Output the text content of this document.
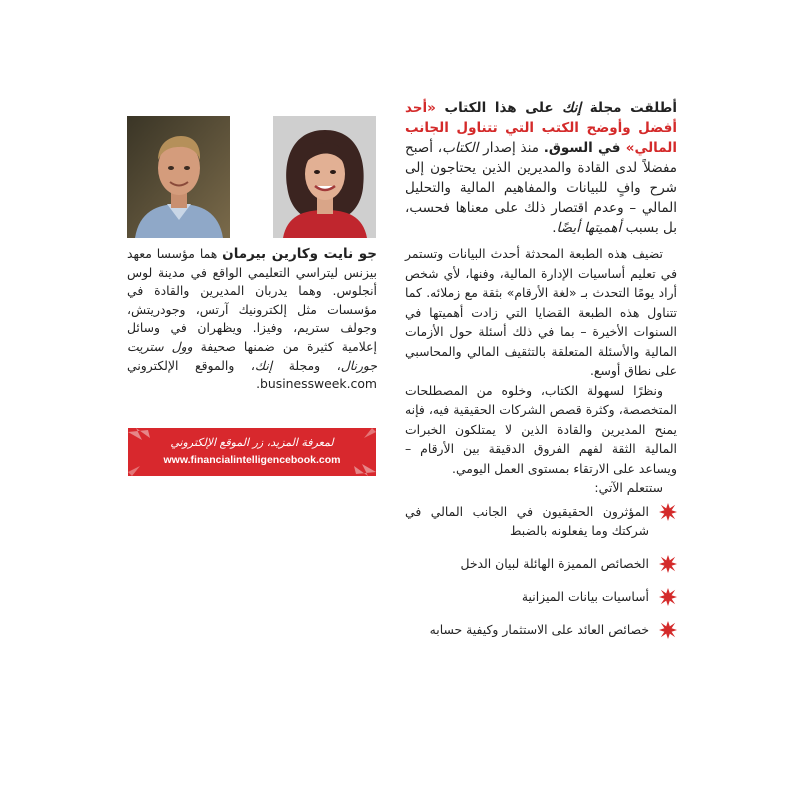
أطلقت مجلة إنك على هذا الكتاب «أحد أفضل وأوضح الكتب التي تتناول الجانب المالي» في السوق. منذ إصدار الكتاب، أصبح مفضلاً لدى القادة والمديرين الذين يحتاجون إلى شرح وافٍ للبيانات والمفاهيم المالية والتحليل المالي – وعدم اقتصار ذلك على معناها فحسب، بل بسبب أهميتها أيضًا.

تضيف هذه الطبعة المحدثة أحدث البيانات وتستمر في تعليم أساسيات الإدارة المالية، وفنها، لأي شخص أراد يومًا التحدث بـ «لغة الأرقام» بثقة مع زملائه. كما تتناول هذه الطبعة القضايا التي زادت أهميتها في السنوات الأخيرة – بما في ذلك أسئلة حول الأزمات المالية والأسئلة المتعلقة بالتثقيف المالي والمحاسبي على نطاق أوسع.

ونظرًا لسهولة الكتاب، وخلوه من المصطلحات المتخصصة، وكثرة قصص الشركات الحقيقية فيه، فإنه يمنح المديرين والقادة الذين لا يمتلكون الخبرات المالية الثقة لفهم الفروق الدقيقة بين الأرقام – ويساعد على الارتقاء بمستوى العمل اليومي.

ستتعلم الآتي:

المؤثرون الحقيقيون في الجانب المالي في شركتك وما يفعلونه بالضبط
الخصائص المميزة الهائلة لبيان الدخل
أساسيات بيانات الميزانية
خصائص العائد على الاستثمار وكيفية حسابه

جو نايت وكارين بيرمان هما مؤسسا معهد بيزنس ليتراسي التعليمي الواقع في مدينة لوس أنجلوس. وهما يدربان المديرين والقادة في مؤسسات مثل إلكترونيك آرتس، وجودريتش، وجولف ستريم، وفيزا. ويظهران في وسائل إعلامية كثيرة من ضمنها صحيفة وول ستريت جورنال، ومجلة إنك، والموقع الإلكتروني businessweek.com.

لمعرفة المزيد، زر الموقع الإلكتروني
www.financialintelligencebook.com
